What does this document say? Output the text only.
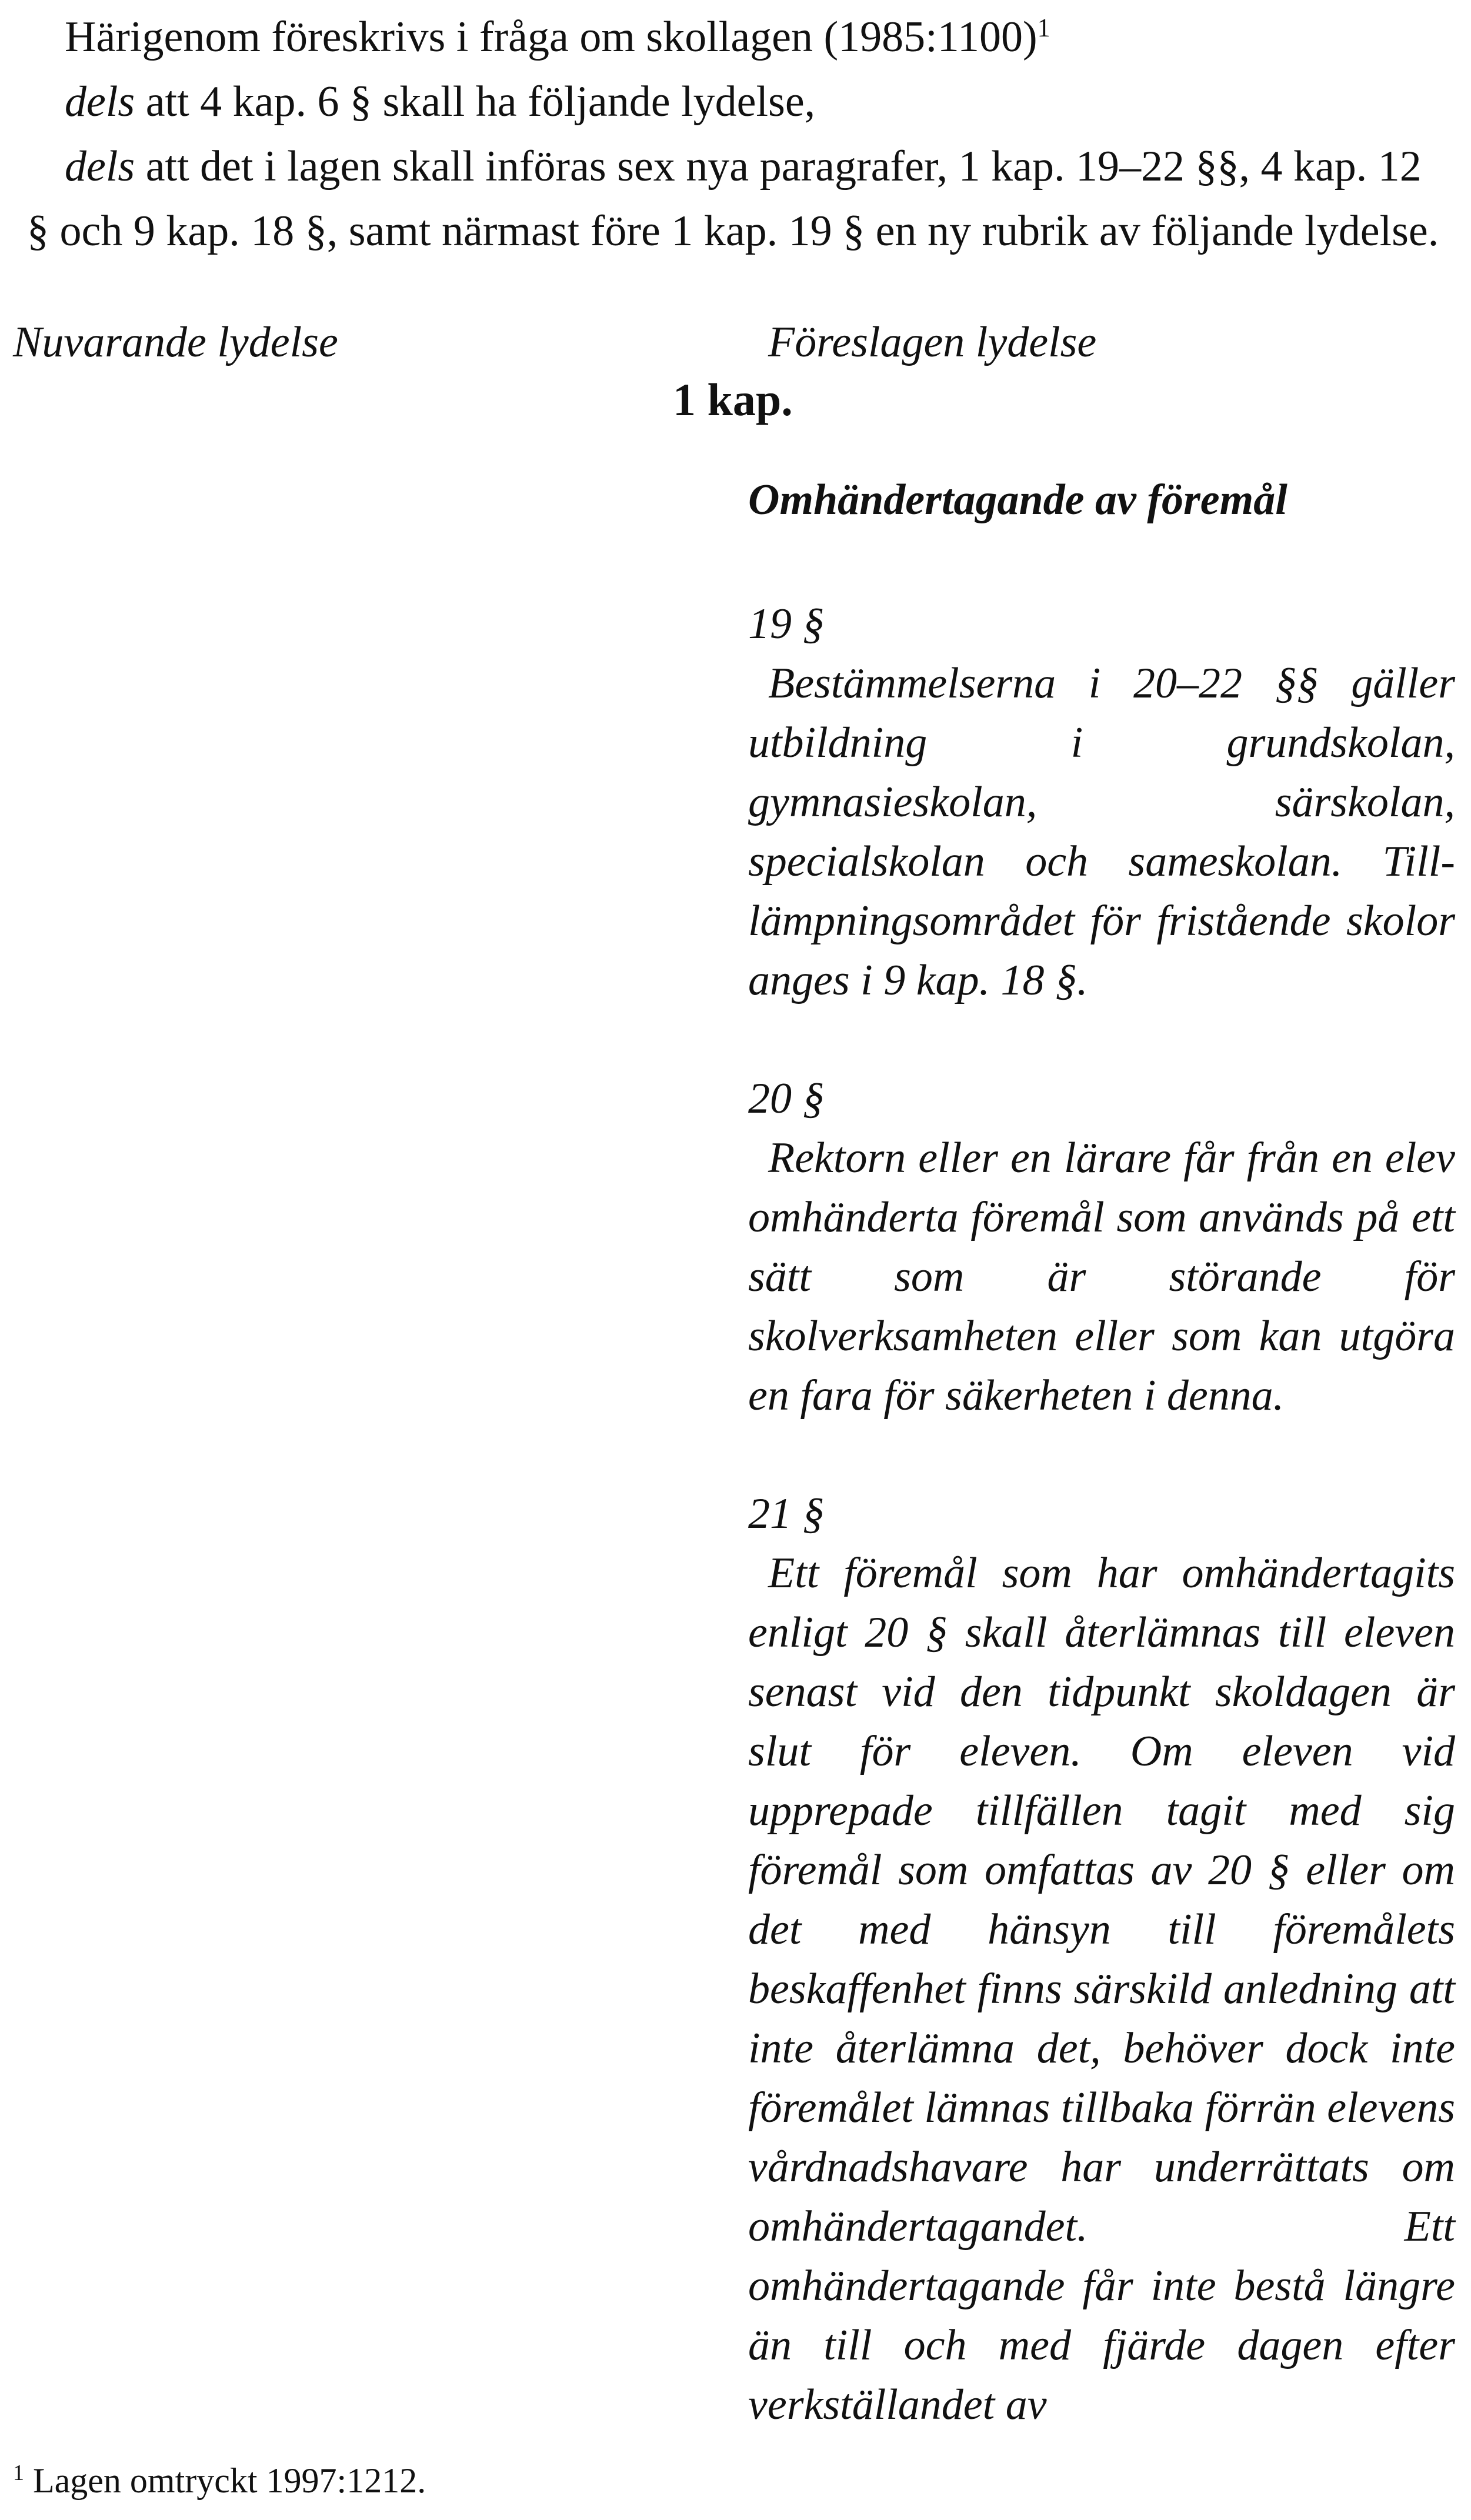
Härigenom föreskrivs i fråga om skollagen (1985:1100)$^1$

dels att 4 kap. 6 § skall ha följande lydelse,

dels att det i lagen skall införas sex nya paragrafer, 1 kap. 19–22 §§, 4 kap. 12 § och 9 kap. 18 §, samt närmast före 1 kap. 19 § en ny rubrik av följande lydelse.

Nuvarande lydelse	Föreslagen lydelse
1 kap.

Omhändertagande av föremål

19 §

Bestämmelserna i 20–22 §§ gäller utbildning i grundskolan, gymnasieskolan, särskolan, specialskolan och sameskolan. Tilllämpningsområdet för fristående skolor anges i 9 kap. 18 §.

20 §

Rektorn eller en lärare får från en elev omhänderta föremål som används på ett sätt som är störande för skolverksamheten eller som kan utgöra en fara för säkerheten i denna.

21 §

Ett föremål som har omhändertagits enligt 20 § skall återlämnas till eleven senast vid den tidpunkt skoldagen är slut för eleven. Om eleven vid upprepade tillfällen tagit med sig föremål som omfattas av 20 § eller om det med hänsyn till föremålets beskaffenhet finns särskild anledning att inte återlämna det, behöver dock inte föremålet lämnas tillbaka förrän elevens vårdnadshavare har underrättats om omhändertagandet. Ett omhändertagande får inte bestå längre än till och med fjärde dagen efter verkställandet av

$^1$ Lagen omtryckt 1997:1212.
